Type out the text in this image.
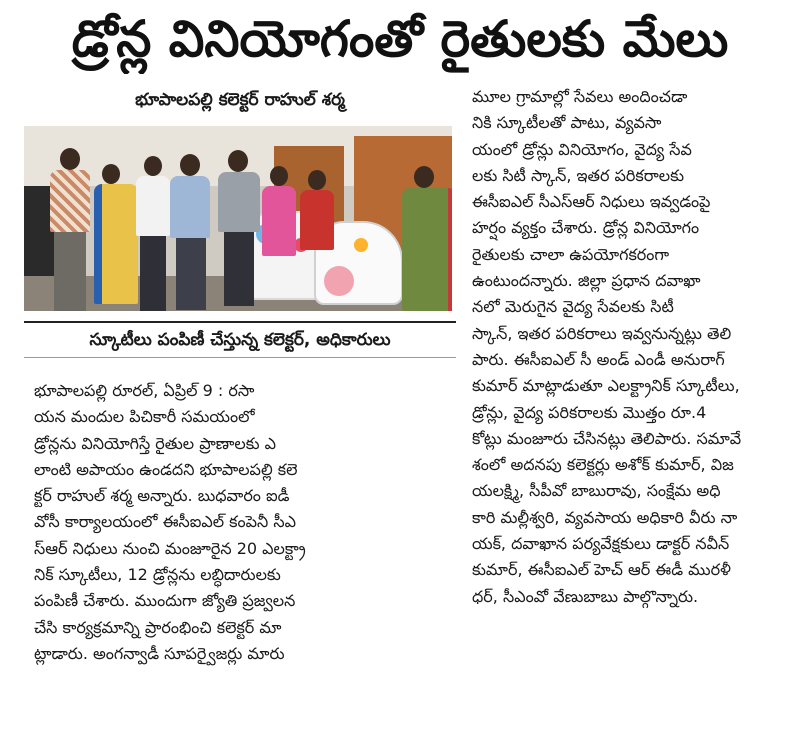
డ్రోన్ల వినియోగంతో రైతులకు మేలు
భూపాలపల్లి కలెక్టర్ రాహుల్ శర్మ
స్కూటీలు పంపిణీ చేస్తున్న కలెక్టర్, అధికారులు
భూపాలపల్లి రూరల్, ఏప్రిల్ 9 : రసా
యన మందుల పిచికారీ సమయంలో
డ్రోన్లను వినియోగిస్తే రైతుల ప్రాణాలకు ఎ
లాంటి అపాయం ఉండదని భూపాలపల్లి కలె
క్టర్ రాహుల్ శర్మ అన్నారు. బుధవారం ఐడీ
వోసీ కార్యాలయంలో ఈసీఐఎల్ కంపెనీ సీఎ
స్ఆర్ నిధులు నుంచి మంజూరైన 20 ఎలక్ట్రా
నిక్ స్కూటీలు, 12 డ్రోన్లను లబ్ధిదారులకు
పంపిణీ చేశారు. ముందుగా జ్యోతి ప్రజ్వలన
చేసి కార్యక్రమాన్ని ప్రారంభించి కలెక్టర్ మా
ట్లాడారు. అంగన్వాడీ సూపర్వైజర్లు మారు
మూల గ్రామాల్లో సేవలు అందించడా
నికి స్కూటీలతో పాటు, వ్యవసా
యంలో డ్రోన్లు వినియోగం, వైద్య సేవ
లకు సిటీ స్కాన్, ఇతర పరికరాలకు
ఈసీఐఎల్ సీఎస్ఆర్ నిధులు ఇవ్వడంపై
హర్షం వ్యక్తం చేశారు. డ్రోన్ల వినియోగం
రైతులకు చాలా ఉపయోగకరంగా
ఉంటుందన్నారు. జిల్లా ప్రధాన దవాఖా
నలో మెరుగైన వైద్య సేవలకు సిటీ
స్కాన్, ఇతర పరికరాలు ఇవ్వనున్నట్లు తెలి
పారు. ఈసీఐఎల్ సీ అండ్ ఎండీ అనురాగ్
కుమార్ మాట్లాడుతూ ఎలక్ట్రానిక్ స్కూటీలు,
డ్రోన్లు, వైద్య పరికరాలకు మొత్తం రూ.4
కోట్లు మంజూరు చేసినట్లు తెలిపారు. సమావే
శంలో అదనపు కలెక్టర్లు అశోక్ కుమార్, విజ
యలక్ష్మి, సీపీవో బాబురావు, సంక్షేమ అధి
కారి మల్లీశ్వరి, వ్యవసాయ అధికారి వీరు నా
యక్, దవాఖాన పర్యవేక్షకులు డాక్టర్ నవీన్
కుమార్, ఈసీఐఎల్ హెచ్ ఆర్ ఈడీ మురళీ
ధర్, సీఎంవో వేణుబాబు పాల్గొన్నారు.
